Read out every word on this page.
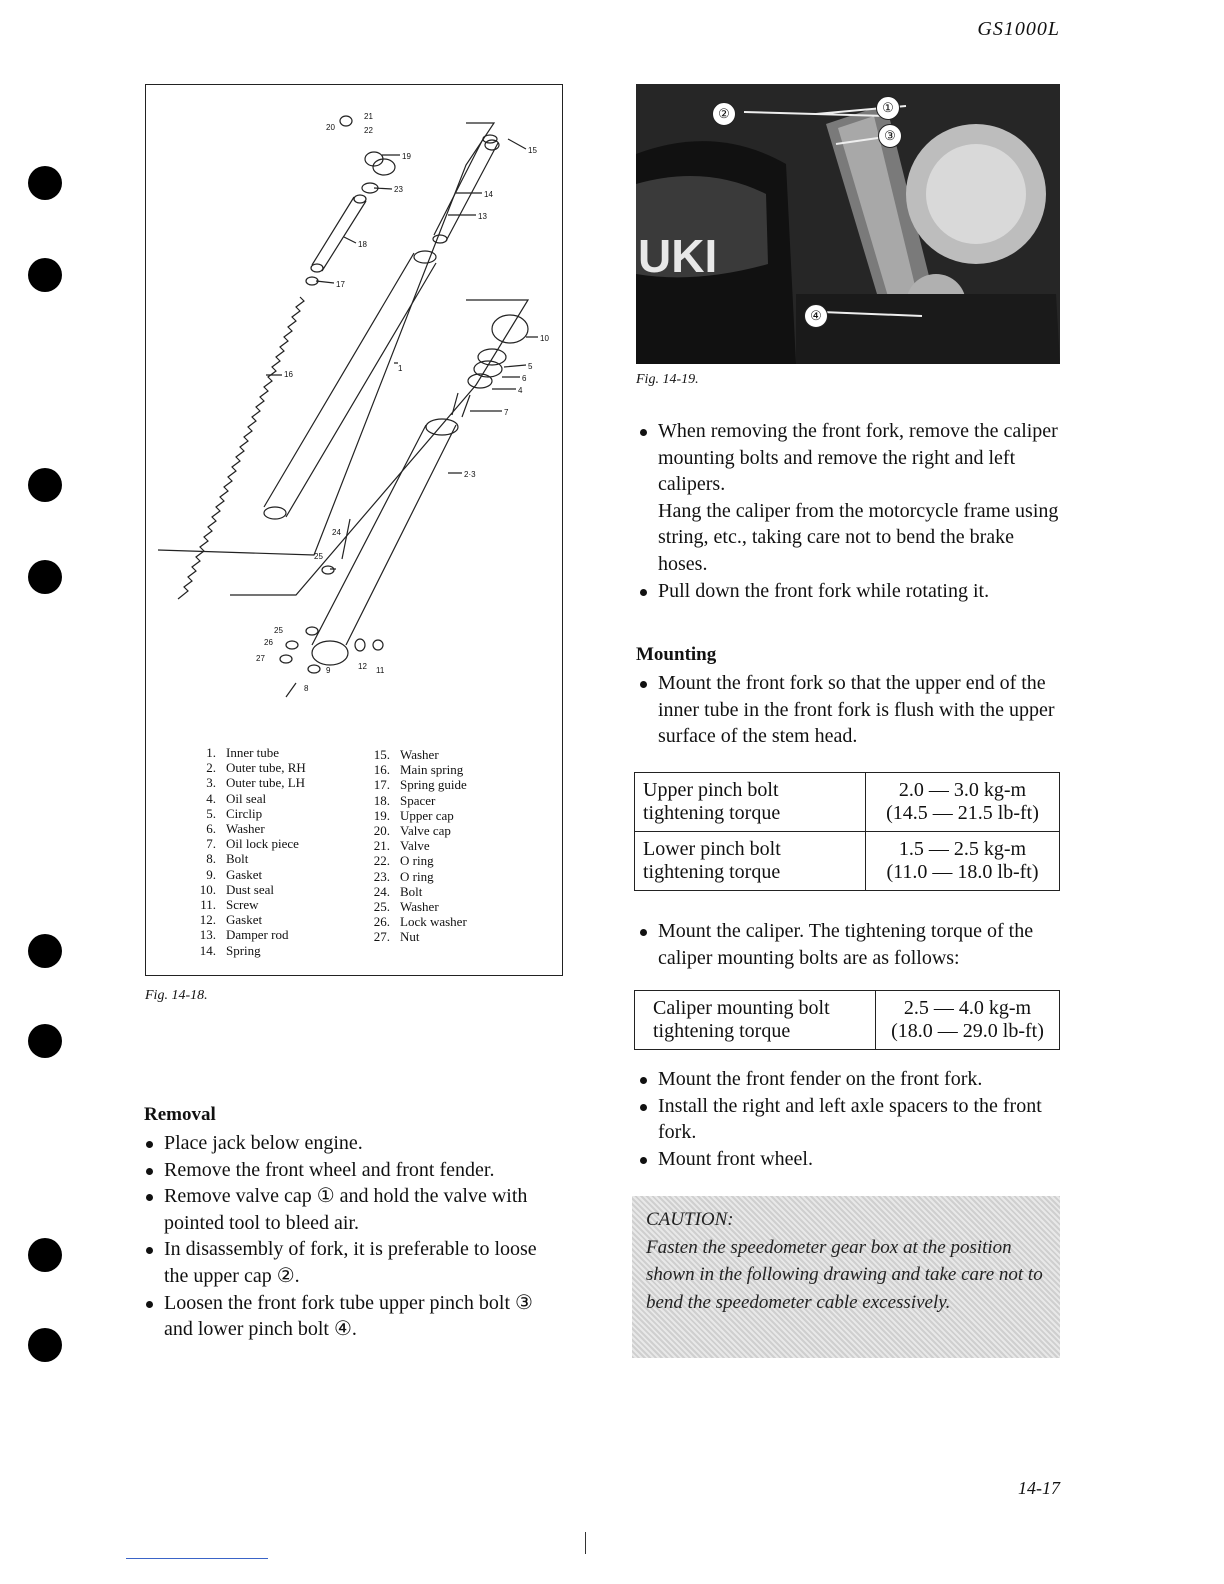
GS1000L
21
20	22
19
23
18
17
16
15
14
13
10
5
6
4
7
2·3
1
24
25
25
26
27
9	12 11
8
1. Inner tube
2. Outer tube, RH
3. Outer tube, LH
4. Oil seal
5. Circlip
6. Washer
7. Oil lock piece
8. Bolt
9. Gasket
10. Dust seal
11. Screw
12. Gasket
13. Damper rod
14. Spring
15. Washer
16. Main spring
17. Spring guide
18. Spacer
19. Upper cap
20. Valve cap
21. Valve
22. O ring
23. O ring
24. Bolt
25. Washer
26. Lock washer
27. Nut
Fig. 14-18.
UKI
②	①
③
④
Fig. 14-19.
When removing the front fork, remove the caliper mounting bolts and remove the right and left calipers.
Hang the caliper from the motorcycle frame using string, etc., taking care not to bend the brake hoses.
Pull down the front fork while rotating it.
Mounting
Mount the front fork so that the upper end of the inner tube in the front fork is flush with the upper surface of the stem head.
Upper pinch bolt
tightening torque	2.0 — 3.0 kg-m
(14.5 — 21.5 lb-ft)
Lower pinch bolt
tightening torque	1.5 — 2.5 kg-m
(11.0 — 18.0 lb-ft)
Mount the caliper. The tightening torque of the caliper mounting bolts are as follows:
Caliper mounting bolt
tightening torque	2.5 — 4.0 kg-m
(18.0 — 29.0 lb-ft)
Mount the front fender on the front fork.
Install the right and left axle spacers to the front fork.
Mount front wheel.
CAUTION:
Fasten the speedometer gear box at the position shown in the following drawing and take care not to bend the speedometer cable excessively.
Removal
Place jack below engine.
Remove the front wheel and front fender.
Remove valve cap ① and hold the valve with pointed tool to bleed air.
In disassembly of fork, it is preferable to loose the upper cap ②.
Loosen the front fork tube upper pinch bolt ③ and lower pinch bolt ④.
14-17
